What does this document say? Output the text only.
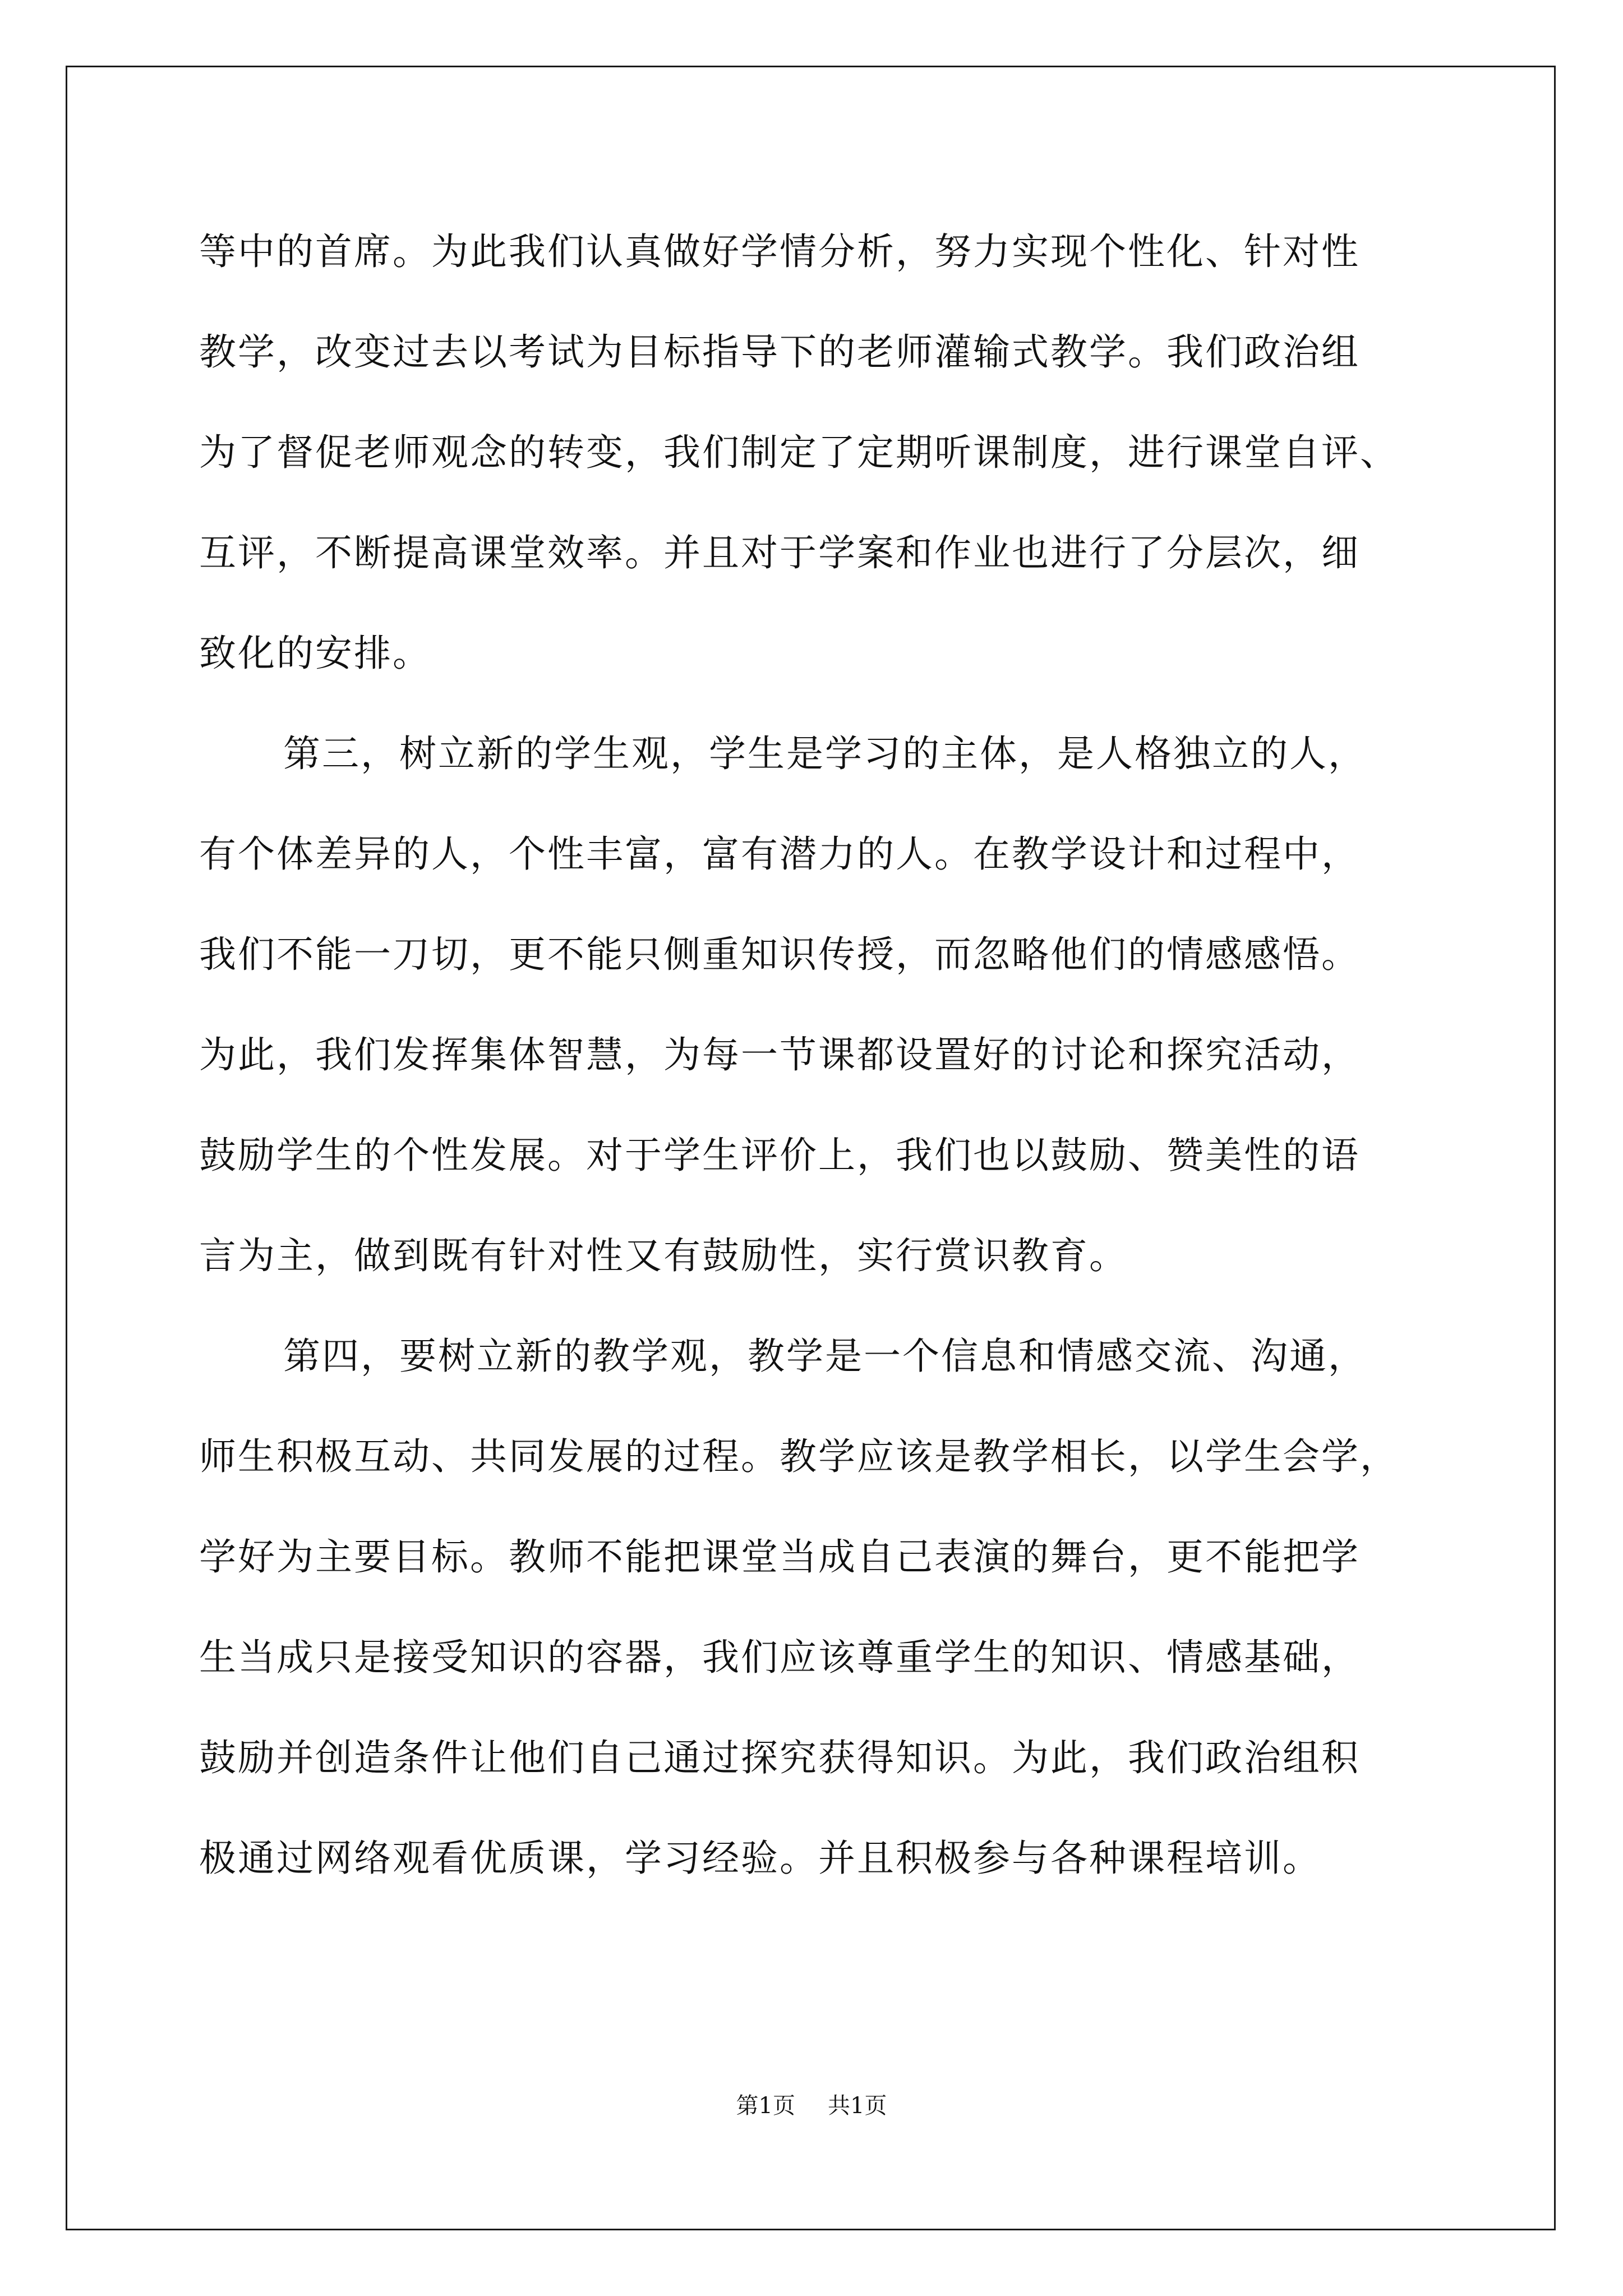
等中的首席。为此我们认真做好学情分析，努力实现个性化、针对性
教学，改变过去以考试为目标指导下的老师灌输式教学。我们政治组
为了督促老师观念的转变，我们制定了定期听课制度，进行课堂自评、
互评，不断提高课堂效率。并且对于学案和作业也进行了分层次，细
致化的安排。
第三，树立新的学生观，学生是学习的主体，是人格独立的人，
有个体差异的人，个性丰富，富有潜力的人。在教学设计和过程中，
我们不能一刀切，更不能只侧重知识传授，而忽略他们的情感感悟。
为此，我们发挥集体智慧，为每一节课都设置好的讨论和探究活动，
鼓励学生的个性发展。对于学生评价上，我们也以鼓励、赞美性的语
言为主，做到既有针对性又有鼓励性，实行赏识教育。
第四，要树立新的教学观，教学是一个信息和情感交流、沟通，
师生积极互动、共同发展的过程。教学应该是教学相长，以学生会学，
学好为主要目标。教师不能把课堂当成自己表演的舞台，更不能把学
生当成只是接受知识的容器，我们应该尊重学生的知识、情感基础，
鼓励并创造条件让他们自己通过探究获得知识。为此，我们政治组积
极通过网络观看优质课，学习经验。并且积极参与各种课程培训。
第1页 共1页
